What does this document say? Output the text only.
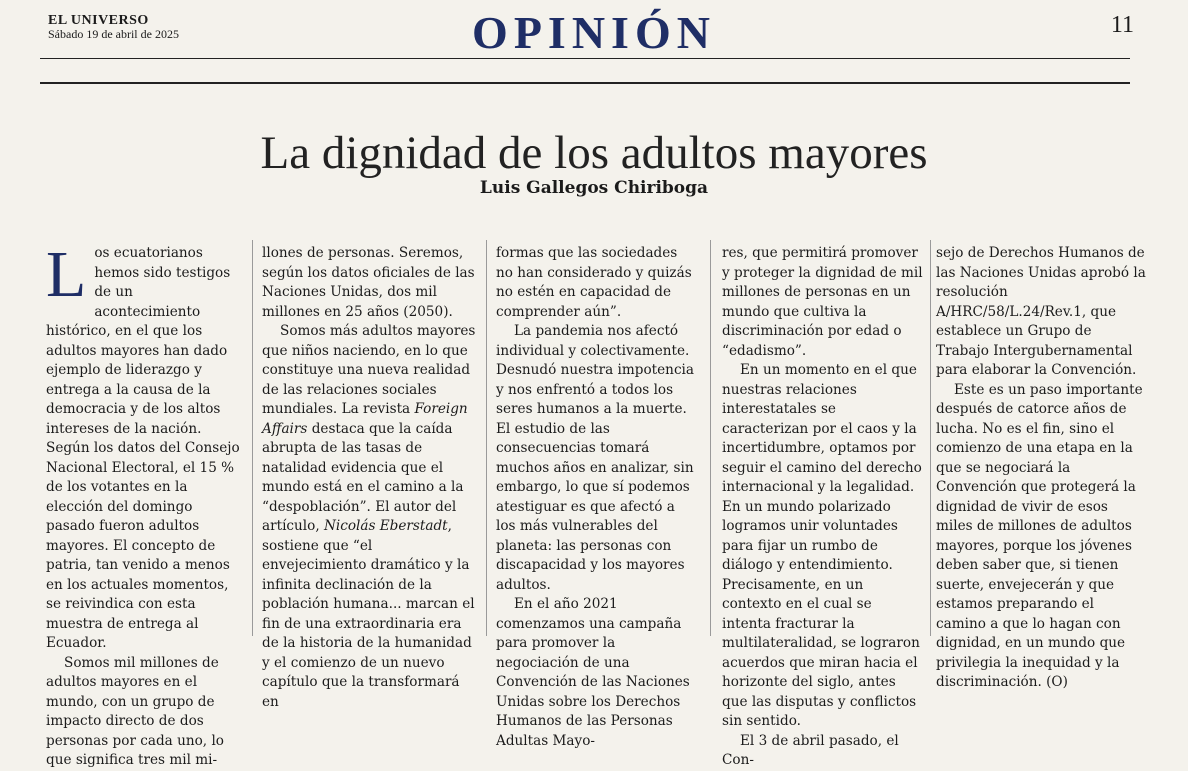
EL UNIVERSO
Sábado 19 de abril de 2025	OPINIÓN	11
La dignidad de los adultos mayores
Luis Gallegos Chiriboga

Los ecuatorianos hemos sido testigos de un acontecimiento histórico, en el que los adultos mayores han dado ejemplo de liderazgo y entrega a la causa de la democracia y de los altos intereses de la nación. Según los datos del Consejo Nacional Electoral, el 15 % de los votantes en la elección del domingo pasado fueron adultos mayores. El concepto de patria, tan venido a menos en los actuales momentos, se reivindica con esta muestra de entrega al Ecuador.

Somos mil millones de adultos mayores en el mundo, con un grupo de impacto directo de dos personas por cada uno, lo que significa tres mil mi-

llones de personas. Seremos, según los datos oficiales de las Naciones Unidas, dos mil millones en 25 años (2050).

Somos más adultos mayores que niños naciendo, en lo que constituye una nueva realidad de las relaciones sociales mundiales. La revista Foreign Affairs destaca que la caída abrupta de las tasas de natalidad evidencia que el mundo está en el camino a la “despoblación”. El autor del artículo, Nicolás Eberstadt, sostiene que “el envejecimiento dramático y la infinita declinación de la población humana... marcan el fin de una extraordinaria era de la historia de la humanidad y el comienzo de un nuevo capítulo que la transformará en

formas que las sociedades no han considerado y quizás no estén en capacidad de comprender aún”.

La pandemia nos afectó individual y colectivamente. Desnudó nuestra impotencia y nos enfrentó a todos los seres humanos a la muerte. El estudio de las consecuencias tomará muchos años en analizar, sin embargo, lo que sí podemos atestiguar es que afectó a los más vulnerables del planeta: las personas con discapacidad y los mayores adultos.

En el año 2021 comenzamos una campaña para promover la negociación de una Convención de las Naciones Unidas sobre los Derechos Humanos de las Personas Adultas Mayo-

res, que permitirá promover y proteger la dignidad de mil millones de personas en un mundo que cultiva la discriminación por edad o “edadismo”.

En un momento en el que nuestras relaciones interestatales se caracterizan por el caos y la incertidumbre, optamos por seguir el camino del derecho internacional y la legalidad. En un mundo polarizado logramos unir voluntades para fijar un rumbo de diálogo y entendimiento. Precisamente, en un contexto en el cual se intenta fracturar la multilateralidad, se lograron acuerdos que miran hacia el horizonte del siglo, antes que las disputas y conflictos sin sentido.

El 3 de abril pasado, el Con-

sejo de Derechos Humanos de las Naciones Unidas aprobó la resolución A/HRC/58/L.24/Rev.1, que establece un Grupo de Trabajo Intergubernamental para elaborar la Convención.

Este es un paso importante después de catorce años de lucha. No es el fin, sino el comienzo de una etapa en la que se negociará la Convención que protegerá la dignidad de vivir de esos miles de millones de adultos mayores, porque los jóvenes deben saber que, si tienen suerte, envejecerán y que estamos preparando el camino a que lo hagan con dignidad, en un mundo que privilegia la inequidad y la discriminación. (O)
